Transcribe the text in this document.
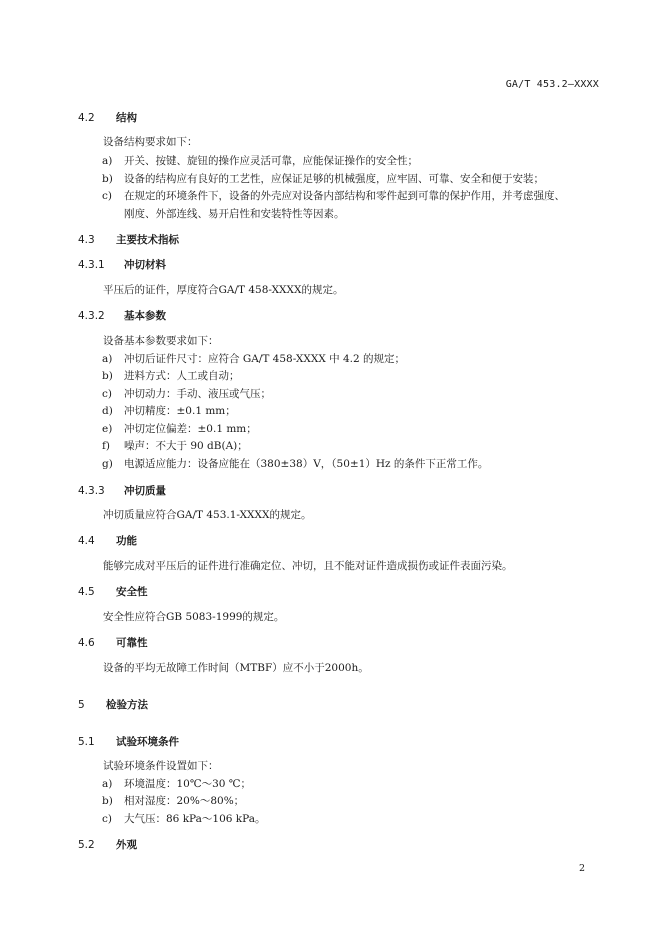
GA/T 453.2—XXXX
4.2 结构
设备结构要求如下：
a) 开关、按键、旋钮的操作应灵活可靠，应能保证操作的安全性；
b) 设备的结构应有良好的工艺性，应保证足够的机械强度，应牢固、可靠、安全和便于安装；
c) 在规定的环境条件下，设备的外壳应对设备内部结构和零件起到可靠的保护作用，并考虑强度、
刚度、外部连线、易开启性和安装特性等因素。
4.3 主要技术指标
4.3.1 冲切材料
平压后的证件，厚度符合GA/T 458-XXXX的规定。
4.3.2 基本参数
设备基本参数要求如下：
a) 冲切后证件尺寸：应符合 GA/T 458-XXXX 中 4.2 的规定；
b) 进料方式：人工或自动；
c) 冲切动力：手动、液压或气压；
d) 冲切精度：±0.1 mm；
e) 冲切定位偏差：±0.1 mm；
f) 噪声：不大于 90 dB(A)；
g) 电源适应能力：设备应能在（380±38）V，（50±1）Hz 的条件下正常工作。
4.3.3 冲切质量
冲切质量应符合GA/T 453.1-XXXX的规定。
4.4 功能
能够完成对平压后的证件进行准确定位、冲切，且不能对证件造成损伤或证件表面污染。
4.5 安全性
安全性应符合GB 5083-1999的规定。
4.6 可靠性
设备的平均无故障工作时间（MTBF）应不小于2000h。
5 检验方法
5.1 试验环境条件
试验环境条件设置如下：
a) 环境温度：10℃～30 ℃；
b) 相对湿度：20%～80%；
c) 大气压：86 kPa～106 kPa。
5.2 外观
2
